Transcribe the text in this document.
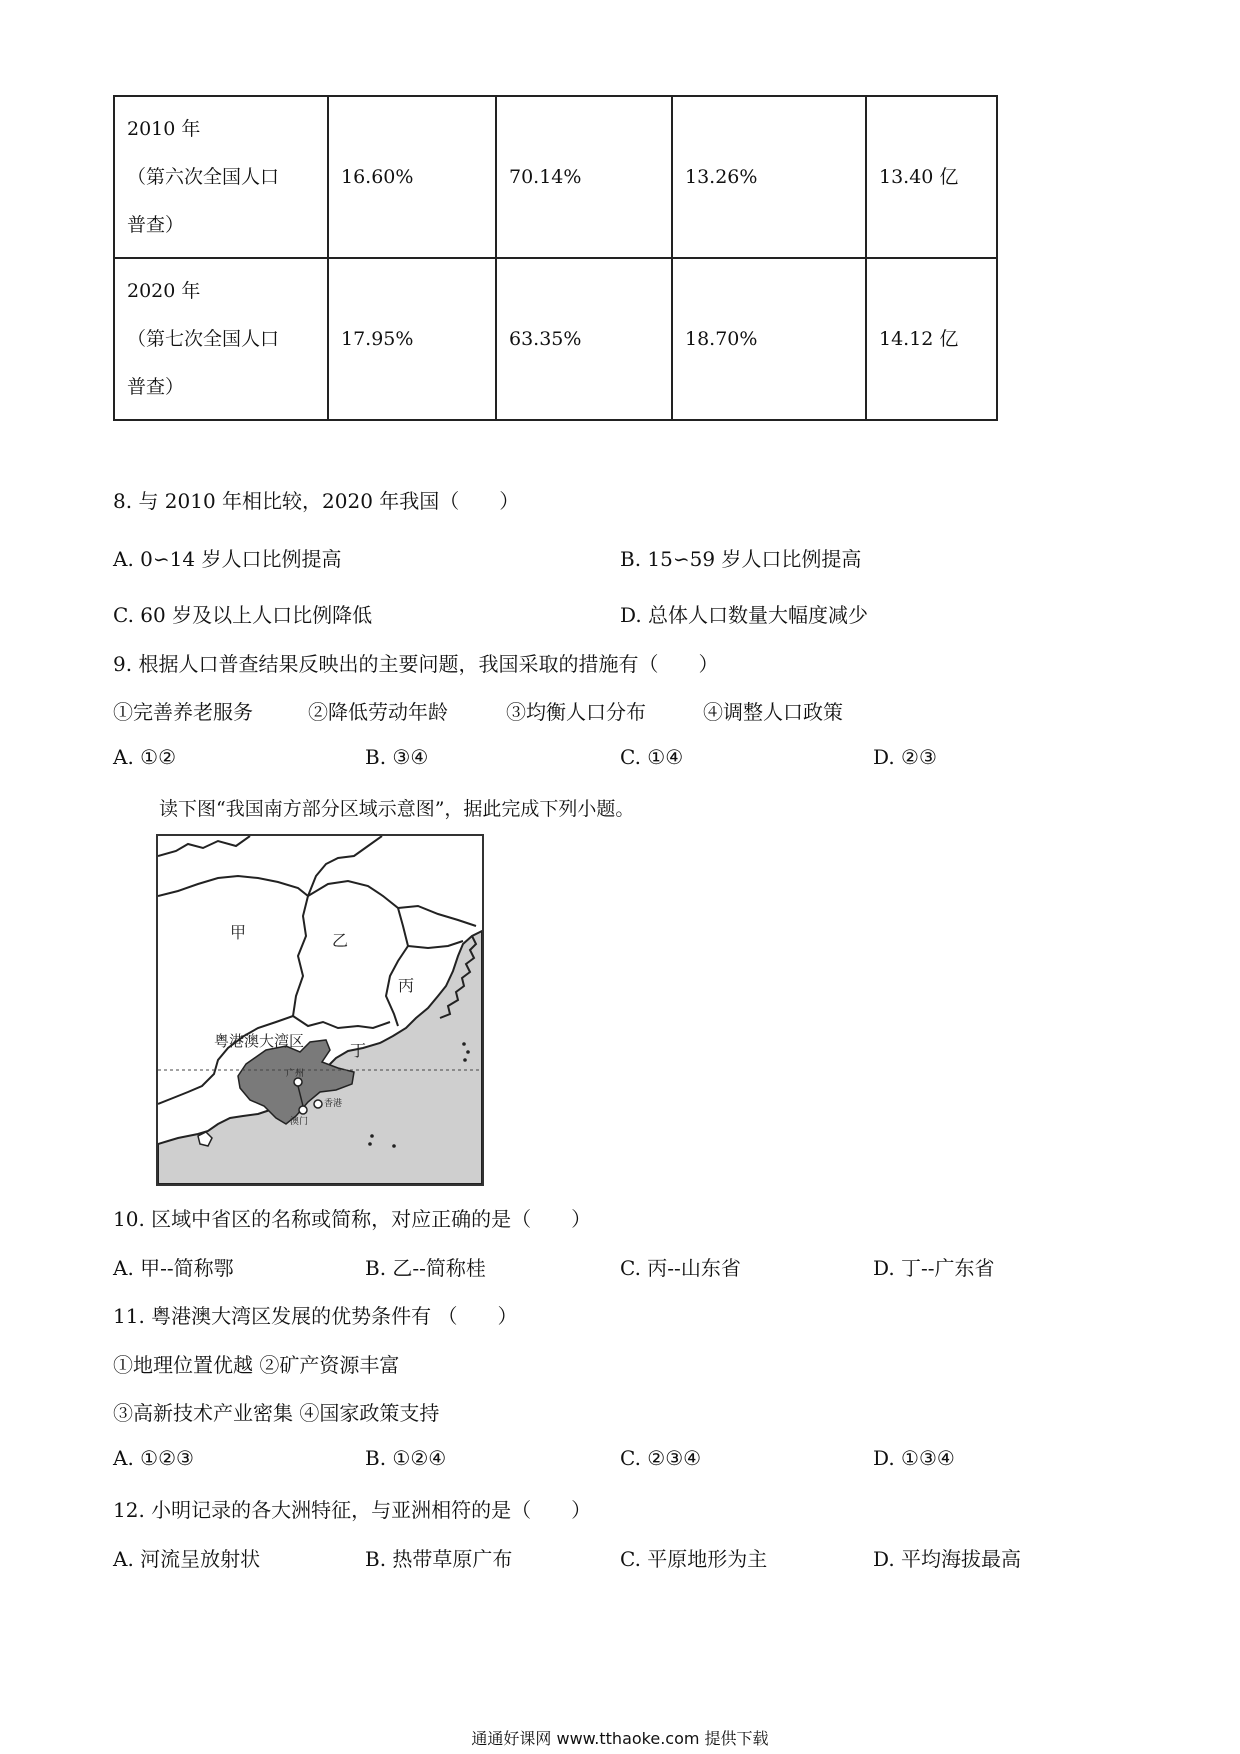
2010 年
（第六次全国人口
普查）	16.60%	70.14%	13.26%	13.40 亿

2020 年
（第七次全国人口
普查）	17.95%	63.35%	18.70%	14.12 亿
8. 与 2010 年相比较，2020 年我国（　　）
A. 0∽14 岁人口比例提高	B. 15∽59 岁人口比例提高
C. 60 岁及以上人口比例降低	D. 总体人口数量大幅度减少
9. 根据人口普查结果反映出的主要问题，我国采取的措施有（　　）
①完善养老服务	②降低劳动年龄	③均衡人口分布	④调整人口政策
A. ①②	B. ③④	C. ①④	D. ②③
读下图“我国南方部分区域示意图”，据此完成下列小题。
甲	乙
丙
丁
粤港澳大湾区
广州
香港
澳门
10. 区域中省区的名称或简称，对应正确的是（　　）
A. 甲--简称鄂	B. 乙--简称桂	C. 丙--山东省	D. 丁--广东省
11. 粤港澳大湾区发展的优势条件有 （　　）
①地理位置优越 ②矿产资源丰富
③高新技术产业密集 ④国家政策支持
A. ①②③	B. ①②④	C. ②③④	D. ①③④
12. 小明记录的各大洲特征，与亚洲相符的是（　　）
A. 河流呈放射状	B. 热带草原广布	C. 平原地形为主	D. 平均海拔最高
通通好课网 www.tthaoke.com 提供下载
